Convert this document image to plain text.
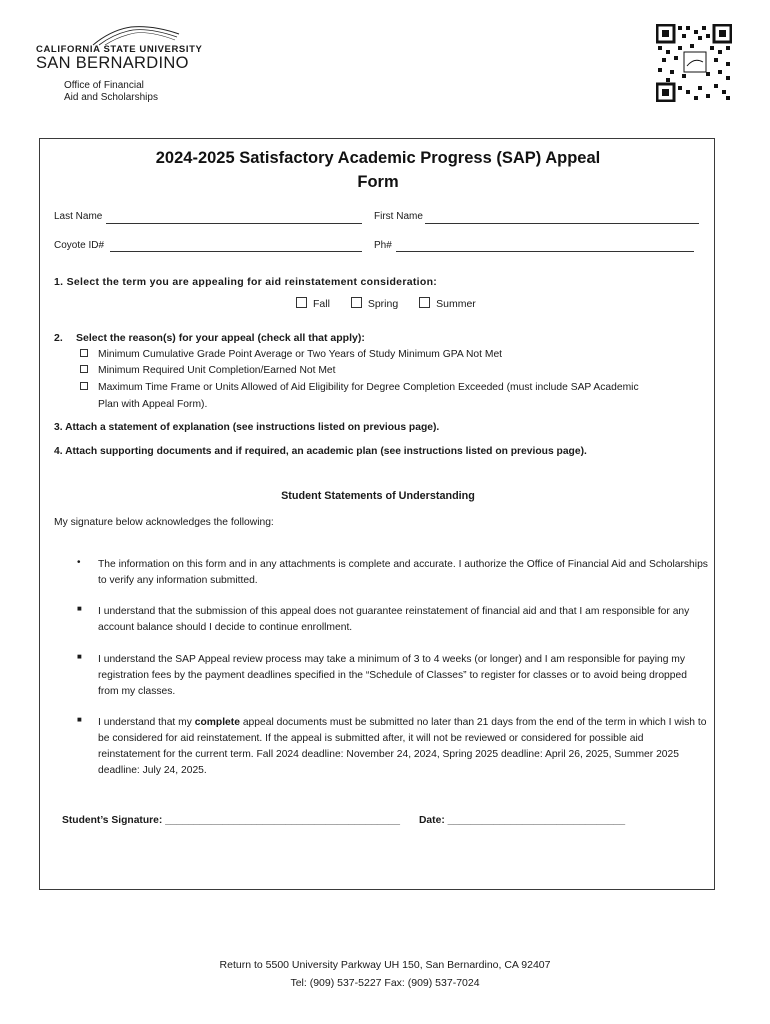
CALIFORNIA STATE UNIVERSITY
SAN BERNARDINO
Office of Financial
Aid and Scholarships
2024-2025 Satisfactory Academic Progress (SAP) Appeal
Form
Last Name	First Name
Coyote ID#	Ph#
1. Select the term you are appealing for aid reinstatement consideration:
Fall	Spring	Summer
2. Select the reason(s) for your appeal (check all that apply):
Minimum Cumulative Grade Point Average or Two Years of Study Minimum GPA Not Met
Minimum Required Unit Completion/Earned Not Met
Maximum Time Frame or Units Allowed of Aid Eligibility for Degree Completion Exceeded (must include SAP Academic
Plan with Appeal Form).
3. Attach a statement of explanation (see instructions listed on previous page).
4. Attach supporting documents and if required, an academic plan (see instructions listed on previous page).
Student Statements of Understanding
My signature below acknowledges the following:
• The information on this form and in any attachments is complete and accurate. I authorize the Office of Financial Aid and Scholarships to verify any information submitted.
■ I understand that the submission of this appeal does not guarantee reinstatement of financial aid and that I am responsible for any account balance should I decide to continue enrollment.
■ I understand the SAP Appeal review process may take a minimum of 3 to 4 weeks (or longer) and I am responsible for paying my registration fees by the payment deadlines specified in the “Schedule of Classes” to register for classes or to avoid being dropped from my classes.
■ I understand that my complete appeal documents must be submitted no later than 21 days from the end of the term in which I wish to be considered for aid reinstatement. If the appeal is submitted after, it will not be reviewed or considered for possible aid reinstatement for the current term. Fall 2024 deadline: November 24, 2024, Spring 2025 deadline: April 26, 2025, Summer 2025 deadline: July 24, 2025.
Student’s Signature: _________________________________________ Date: _______________________________
Return to 5500 University Parkway UH 150, San Bernardino, CA 92407
Tel: (909) 537-5227 Fax: (909) 537-7024
